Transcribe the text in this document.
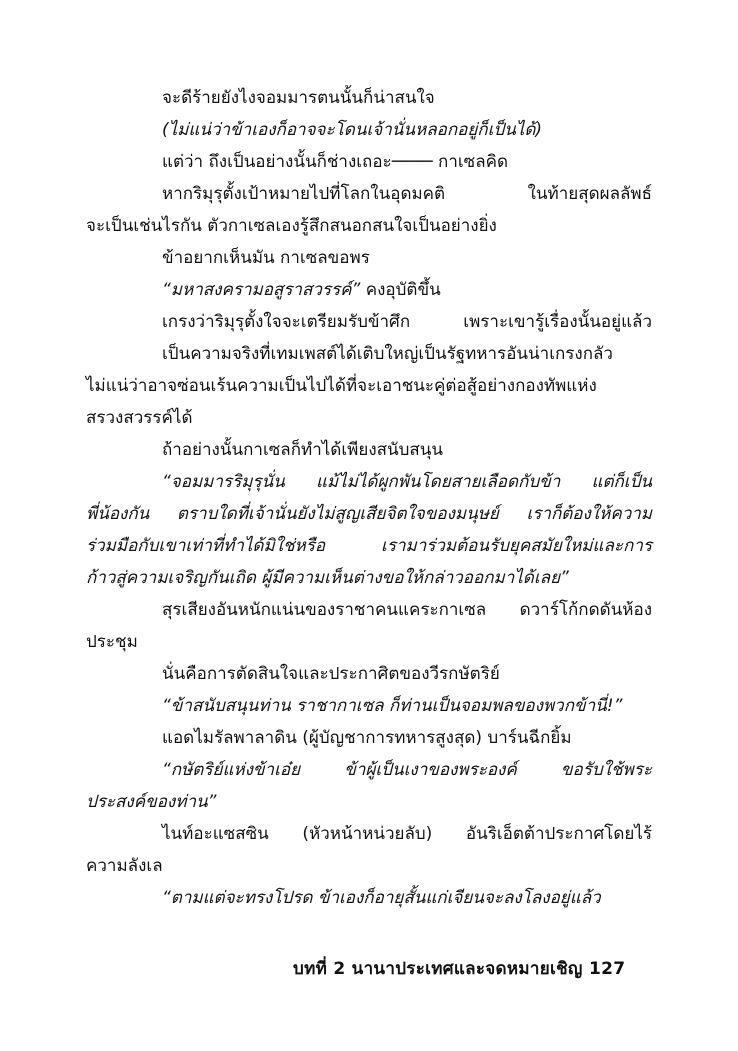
จะดีร้ายยังไงจอมมารตนนั้นก็น่าสนใจ
(ไม่แน่ว่าข้าเองก็อาจจะโดนเจ้านั่นหลอกอยู่ก็เป็นได้)
แต่ว่า ถึงเป็นอย่างนั้นก็ช่างเถอะ──── กาเซลคิด
หากริมุรุตั้งเป้าหมายไปที่โลกในอุดมคติ ในท้ายสุดผลลัพธ์
จะเป็นเช่นไรกัน ตัวกาเซลเองรู้สึกสนอกสนใจเป็นอย่างยิ่ง
ข้าอยากเห็นมัน กาเซลขอพร
“มหาสงครามอสูราสวรรค์” คงอุบัติขึ้น
เกรงว่าริมุรุตั้งใจจะเตรียมรับข้าศึก เพราะเขารู้เรื่องนั้นอยู่แล้ว
เป็นความจริงที่เทมเพสต์ได้เติบใหญ่เป็นรัฐทหารอันน่าเกรงกลัว
ไม่แน่ว่าอาจซ่อนเร้นความเป็นไปได้ที่จะเอาชนะคู่ต่อสู้อย่างกองทัพแห่ง
สรวงสวรรค์ได้
ถ้าอย่างนั้นกาเซลก็ทำได้เพียงสนับสนุน
“จอมมารริมุรุนั่น แม้ไม่ได้ผูกพันโดยสายเลือดกับข้า แต่ก็เป็น
พี่น้องกัน ตราบใดที่เจ้านั่นยังไม่สูญเสียจิตใจของมนุษย์ เราก็ต้องให้ความ
ร่วมมือกับเขาเท่าที่ทำได้มิใช่หรือ เรามาร่วมต้อนรับยุคสมัยใหม่และการ
ก้าวสู่ความเจริญกันเถิด ผู้มีความเห็นต่างขอให้กล่าวออกมาได้เลย”
สุรเสียงอันหนักแน่นของราชาคนแคระกาเซล ดวาร์โก้กดดันห้อง
ประชุม
นั่นคือการตัดสินใจและประกาศิตของวีรกษัตริย์
“ข้าสนับสนุนท่าน ราชากาเซล ก็ท่านเป็นจอมพลของพวกข้านี่!”
แอดไมรัลพาลาดิน (ผู้บัญชาการทหารสูงสุด) บาร์นฉีกยิ้ม
“กษัตริย์แห่งข้าเอ๋ย ข้าผู้เป็นเงาของพระองค์ ขอรับใช้พระ
ประสงค์ของท่าน”
ไนท์อะแซสซิน (หัวหน้าหน่วยลับ) อันริเอ็ตต้าประกาศโดยไร้
ความลังเล
“ตามแต่จะทรงโปรด ข้าเองก็อายุสั้นแก่เจียนจะลงโลงอยู่แล้ว
บทที่ 2 นานาประเทศและจดหมายเชิญ 127
